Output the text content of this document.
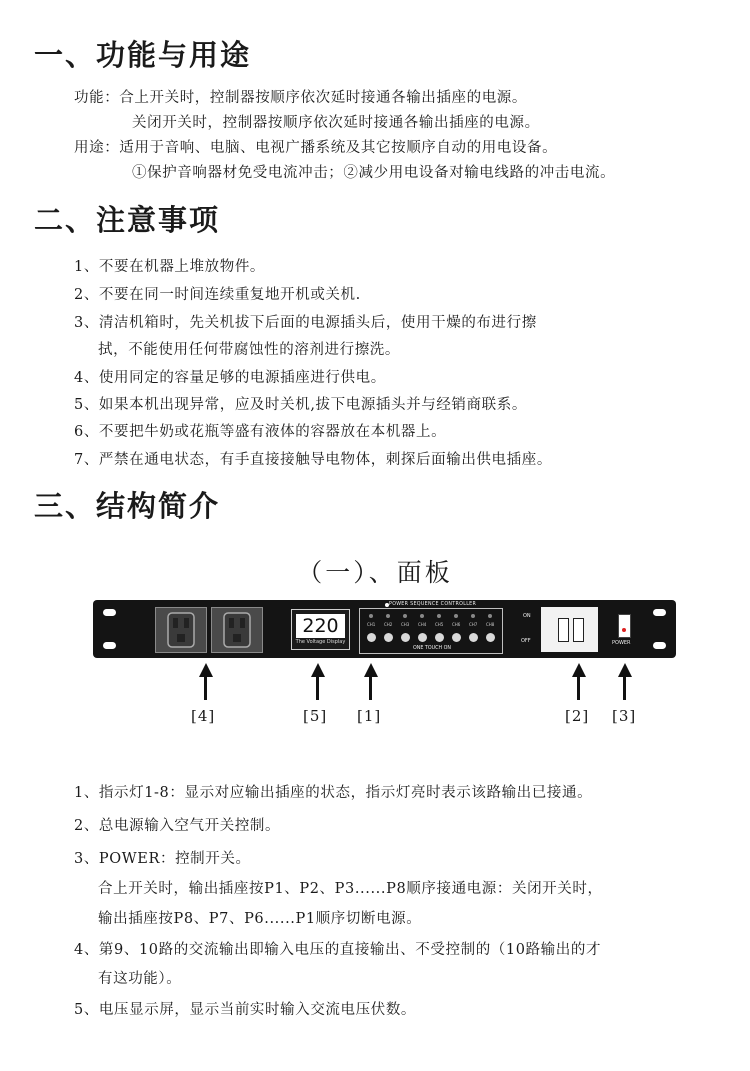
一、功能与用途

功能：合上开关时，控制器按顺序依次延时接通各输出插座的电源。

关闭开关时，控制器按顺序依次延时接通各输出插座的电源。

用途：适用于音响、电脑、电视广播系统及其它按顺序自动的用电设备。

①保护音响器材免受电流冲击；②减少用电设备对输电线路的冲击电流。

二、注意事项

1、不要在机器上堆放物件。

2、不要在同一时间连续重复地开机或关机.

3、清洁机箱时，先关机拔下后面的电源插头后，使用干燥的布进行擦

拭，不能使用任何带腐蚀性的溶剂进行擦洗。

4、使用同定的容量足够的电源插座进行供电。

5、如果本机出现异常，应及时关机,拔下电源插头并与经销商联系。

6、不要把牛奶或花瓶等盛有液体的容器放在本机器上。

7、严禁在通电状态，有手直接接触导电物体，刺探后面输出供电插座。

三、结构简介
（一）、面板
220
The Voltage Display
POWER SEQUENCE CONTROLLER
CH1 CH2 CH3 CH4 CH5 CH6 CH7 CH8
ONE TOUCH ON
ON
OFF	POWER
[4]	[5] [1]	[2] [3]

1、指示灯1-8：显示对应输出插座的状态，指示灯亮时表示该路输出已接通。

2、总电源输入空气开关控制。

3、POWER：控制开关。

合上开关时，输出插座按P1、P2、P3......P8顺序接通电源：关闭开关时，

输出插座按P8、P7、P6......P1顺序切断电源。

4、第9、10路的交流输出即输入电压的直接输出、不受控制的（10路输出的才

有这功能）。

5、电压显示屏，显示当前实时输入交流电压伏数。
